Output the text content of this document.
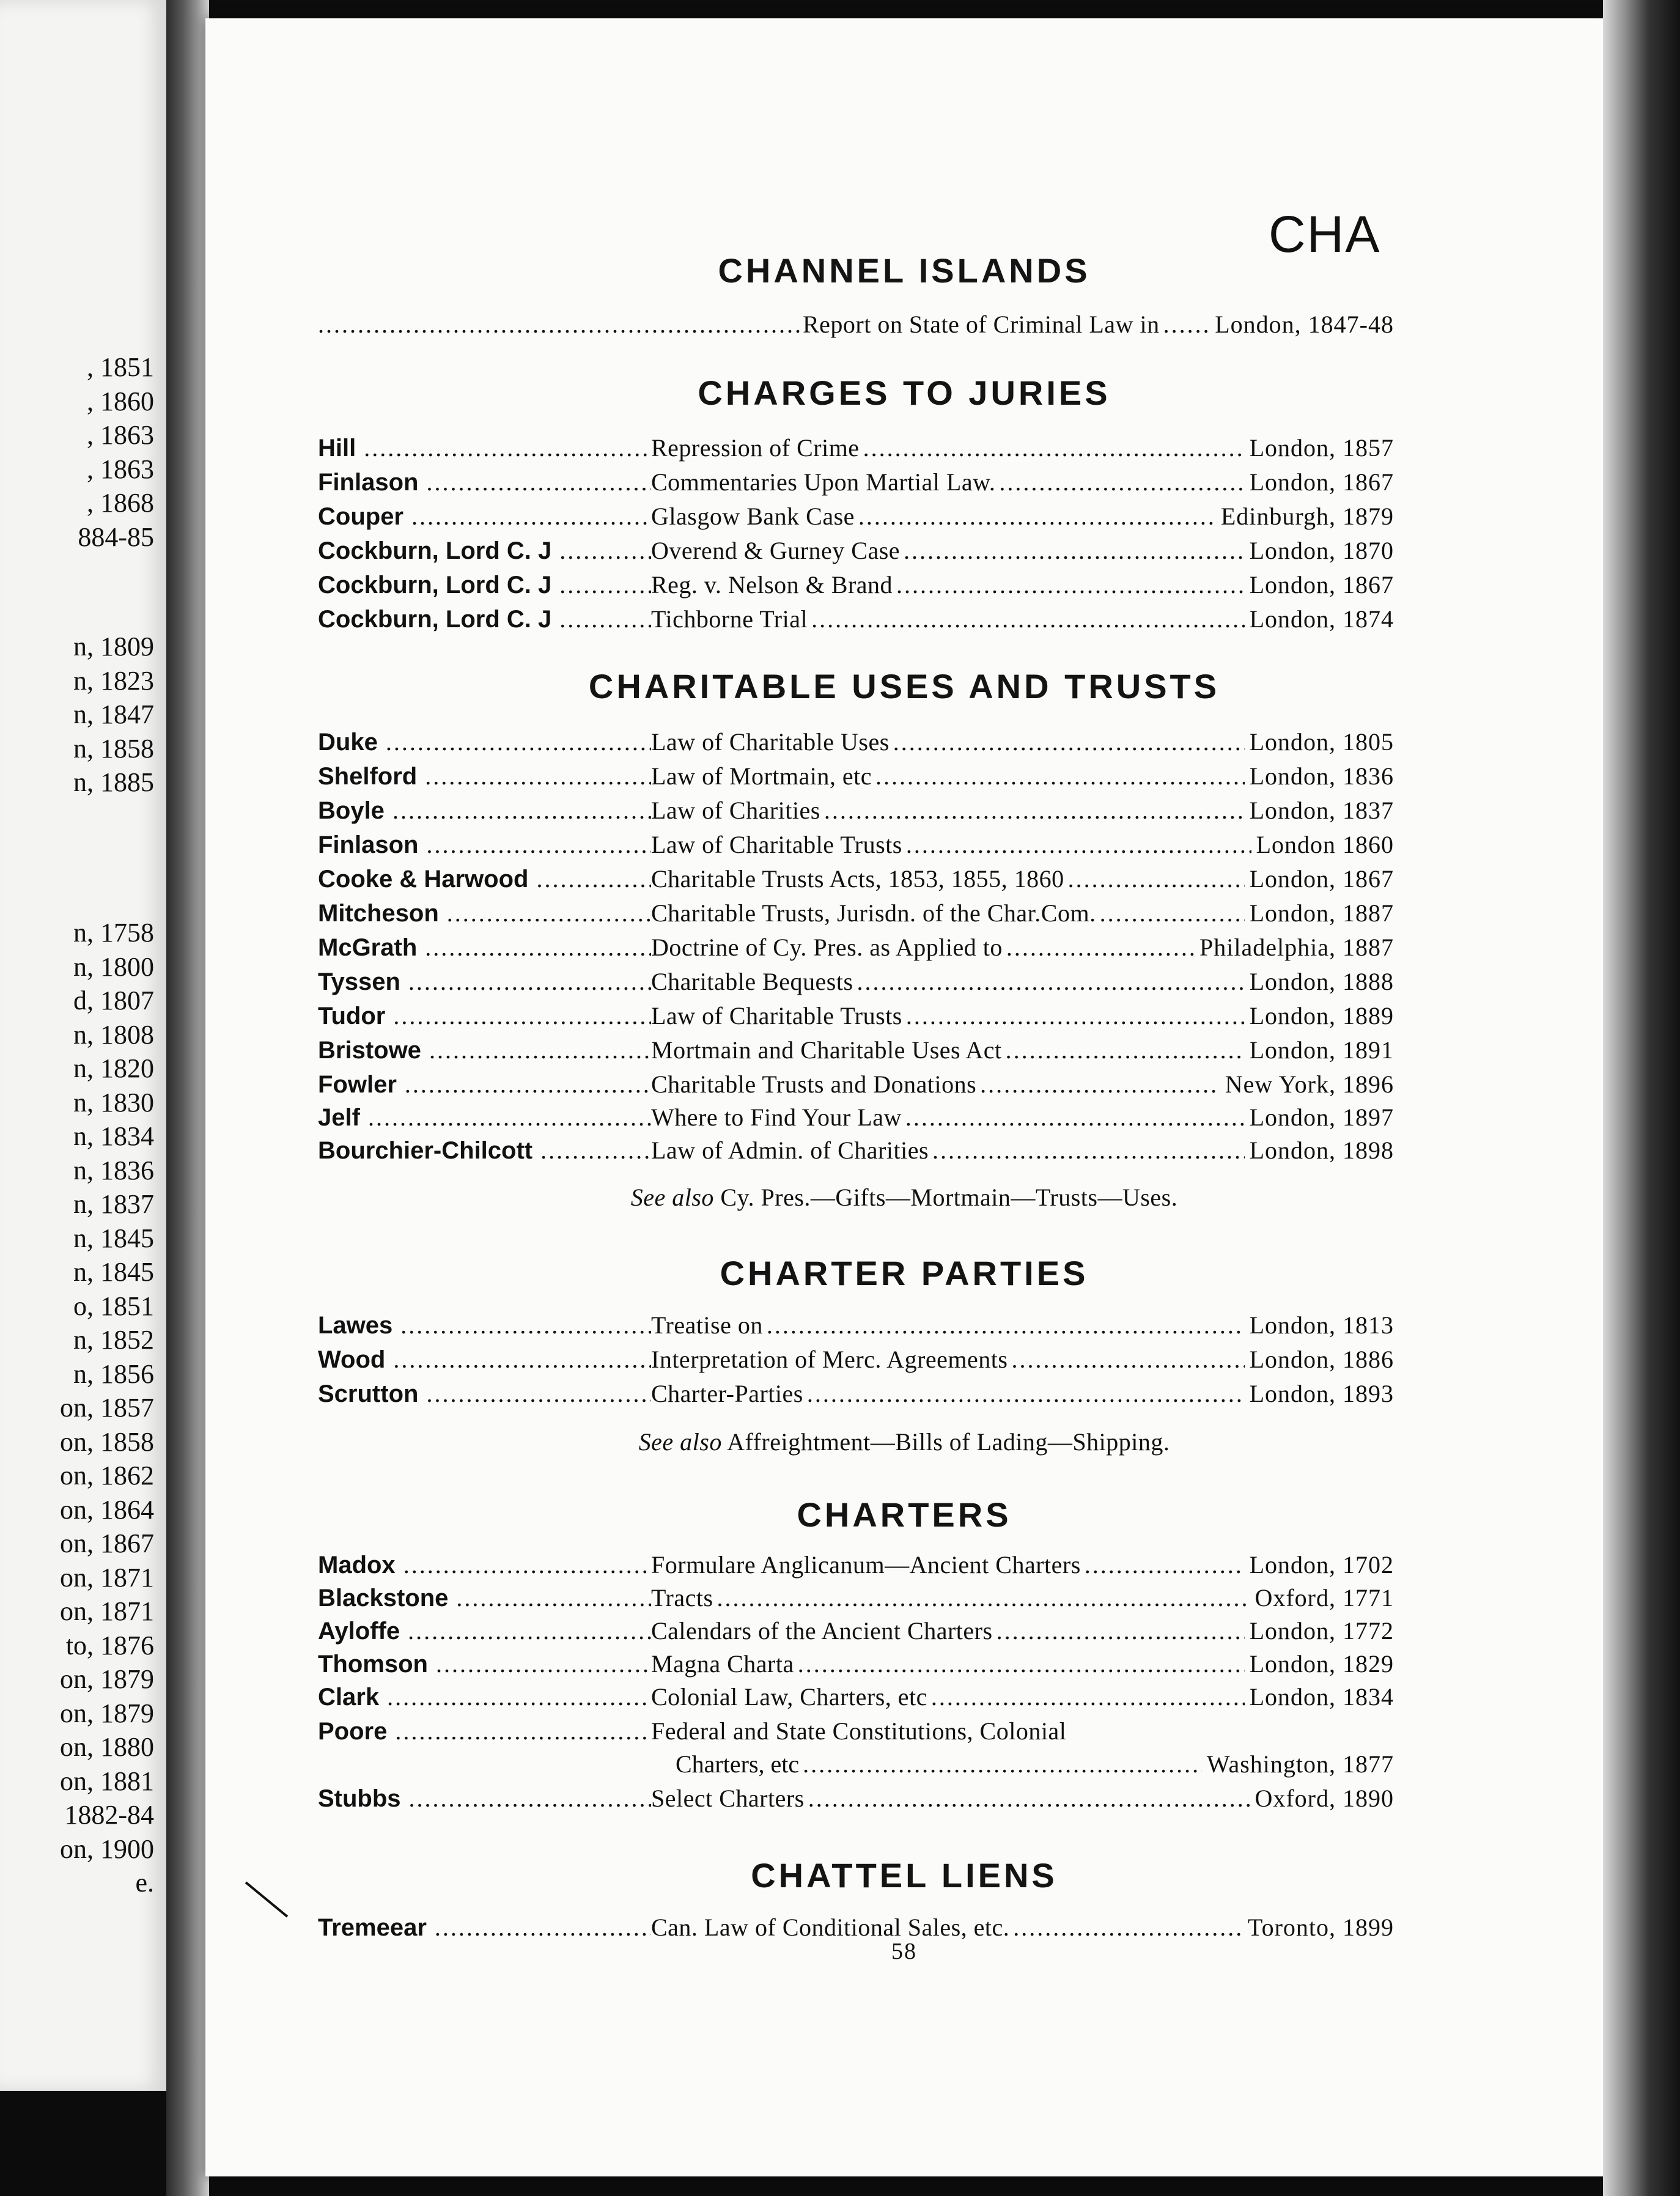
, 1851
, 1860
, 1863
, 1863
, 1868
884-85
n, 1809
n, 1823
n, 1847
n, 1858
n, 1885
n, 1758
n, 1800
d, 1807
n, 1808
n, 1820
n, 1830
n, 1834
n, 1836
n, 1837
n, 1845
n, 1845
o, 1851
n, 1852
n, 1856
on, 1857
on, 1858
on, 1862
on, 1864
on, 1867
on, 1871
on, 1871
to, 1876
on, 1879
on, 1879
on, 1880
on, 1881
1882-84
on, 1900
e.
CHA
CHANNEL ISLANDS
..... Report on State of Criminal Law in .....	London, 1847-48
CHARGES TO JURIES
Hill .....	Repression of Crime .....	London, 1857
Finlason .....	Commentaries Upon Martial Law. .....	London, 1867
Couper .....	Glasgow Bank Case .....	Edinburgh, 1879
Cockburn, Lord C. J .....	Overend & Gurney Case .....	London, 1870
Cockburn, Lord C. J .....	Reg. v. Nelson & Brand .....	London, 1867
Cockburn, Lord C. J .....	Tichborne Trial .....	London, 1874
CHARITABLE USES AND TRUSTS
Duke .....	Law of Charitable Uses .....	London, 1805
Shelford .....	Law of Mortmain, etc .....	London, 1836
Boyle .....	Law of Charities .....	London, 1837
Finlason .....	Law of Charitable Trusts .....	London 1860
Cooke & Harwood .....	Charitable Trusts Acts, 1853, 1855, 1860 .....	London, 1867
Mitcheson .....	Charitable Trusts, Jurisdn. of the Char.Com. .....	London, 1887
McGrath .....	Doctrine of Cy. Pres. as Applied to .....	Philadelphia, 1887
Tyssen .....	Charitable Bequests .....	London, 1888
Tudor .....	Law of Charitable Trusts .....	London, 1889
Bristowe .....	Mortmain and Charitable Uses Act .....	London, 1891
Fowler .....	Charitable Trusts and Donations .....	New York, 1896
Jelf .....	Where to Find Your Law .....	London, 1897
Bourchier-Chilcott .....	Law of Admin. of Charities .....	London, 1898
See also Cy. Pres.—Gifts—Mortmain—Trusts—Uses.
CHARTER PARTIES
Lawes .....	Treatise on .....	London, 1813
Wood .....	Interpretation of Merc. Agreements .....	London, 1886
Scrutton .....	Charter-Parties .....	London, 1893
See also Affreightment—Bills of Lading—Shipping.
CHARTERS
Madox .....	Formulare Anglicanum—Ancient Charters .....	London, 1702
Blackstone .....	Tracts .....	Oxford, 1771
Ayloffe .....	Calendars of the Ancient Charters .....	London, 1772
Thomson .....	Magna Charta .....	London, 1829
Clark .....	Colonial Law, Charters, etc .....	London, 1834
Poore .....	Federal and State Constitutions, Colonial
Charters, etc	Washington, 1877
.....
Stubbs .....	Select Charters .....	Oxford, 1890
CHATTEL LIENS
Tremeear .....	Can. Law of Conditional Sales, etc. .....	Toronto, 1899
58
